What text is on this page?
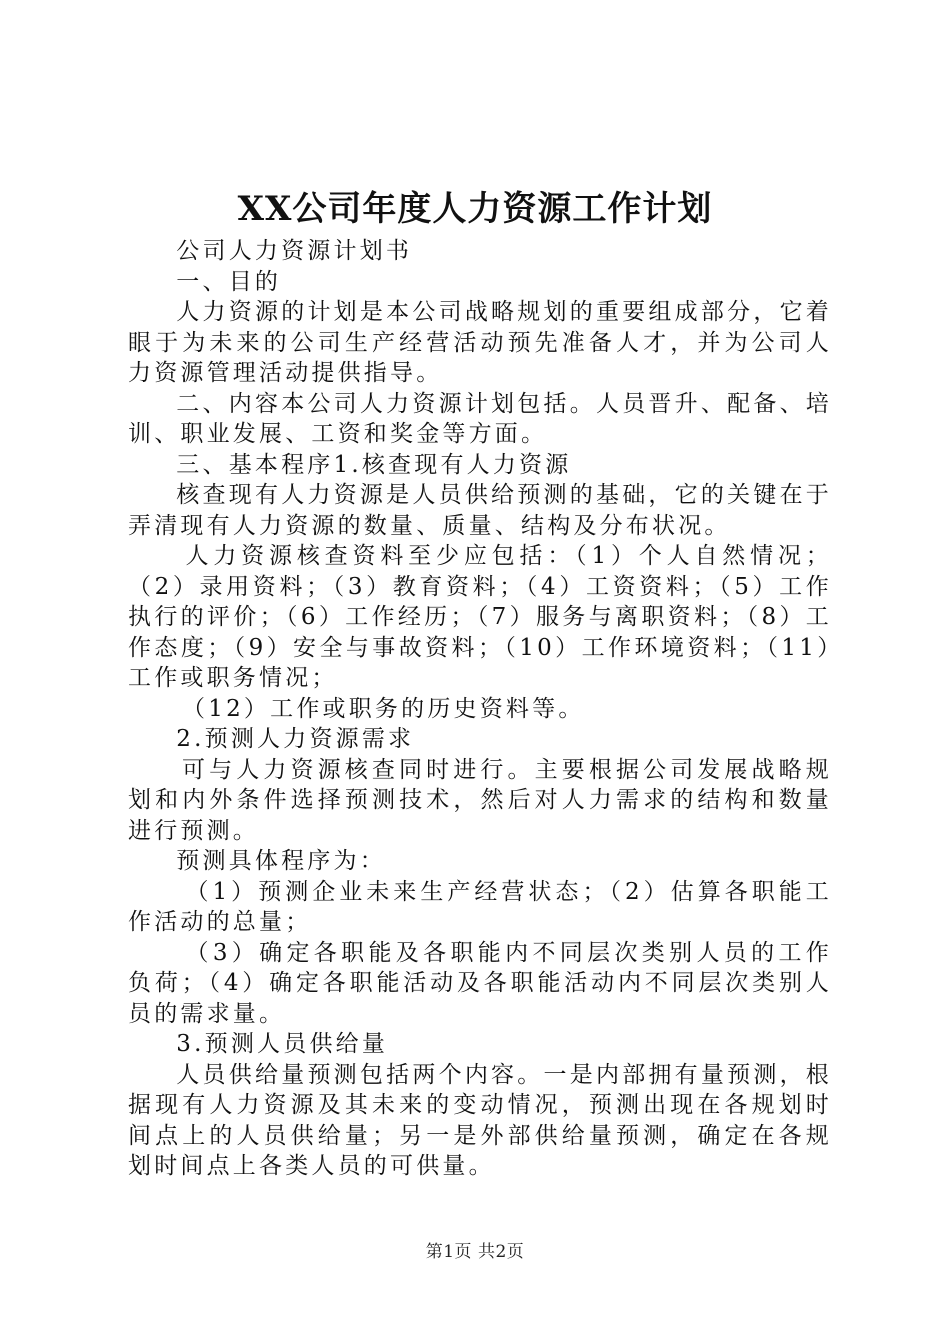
XX公司年度人力资源工作计划

公司人力资源计划书

一、目的

人力资源的计划是本公司战略规划的重要组成部分，它着眼于为未来的公司生产经营活动预先准备人才，并为公司人力资源管理活动提供指导。

二、内容本公司人力资源计划包括。人员晋升、配备、培训、职业发展、工资和奖金等方面。

三、基本程序1.核查现有人力资源

核查现有人力资源是人员供给预测的基础，它的关键在于弄清现有人力资源的数量、质量、结构及分布状况。

人力资源核查资料至少应包括：（1）个人自然情况；（2）录用资料；（3）教育资料；（4）工资资料；（5）工作执行的评价；（6）工作经历；（7）服务与离职资料；（8）工作态度；（9）安全与事故资料；（10）工作环境资料；（11）工作或职务情况；

（12）工作或职务的历史资料等。

2.预测人力资源需求

可与人力资源核查同时进行。主要根据公司发展战略规划和内外条件选择预测技术，然后对人力需求的结构和数量进行预测。

预测具体程序为：

（1）预测企业未来生产经营状态；（2）估算各职能工作活动的总量；

（3）确定各职能及各职能内不同层次类别人员的工作负荷；（4）确定各职能活动及各职能活动内不同层次类别人员的需求量。

3.预测人员供给量

人员供给量预测包括两个内容。一是内部拥有量预测，根据现有人力资源及其未来的变动情况，预测出现在各规划时间点上的人员供给量；另一是外部供给量预测，确定在各规划时间点上各类人员的可供量。

第1页 共2页
